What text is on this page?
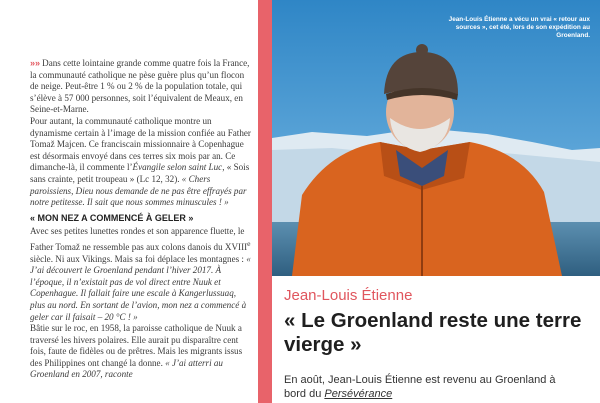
»» Dans cette lointaine grande comme quatre fois la France, la communauté catholique ne pèse guère plus qu’un flocon de neige. Peut-être 1 % ou 2 % de la population totale, qui s’élève à 57 000 personnes, soit l’équivalent de Meaux, en Seine-et-Marne.

Pour autant, la communauté catholique montre un dynamisme certain à l’image de la mission confiée au Father Tomaž Majcen. Ce franciscain missionnaire à Copenhague est désormais envoyé dans ces terres six mois par an. Ce dimanche-là, il commente l’Évangile selon saint Luc, « Sois sans crainte, petit troupeau » (Lc 12, 32). « Chers paroissiens, Dieu nous demande de ne pas être effrayés par notre petitesse. Il sait que nous sommes minuscules ! »

« MON NEZ A COMMENCÉ À GELER »

Avec ses petites lunettes rondes et son apparence fluette, le Father Tomaž ne ressemble pas aux colons danois du XVIIIe siècle. Ni aux Vikings. Mais sa foi déplace les montagnes : « J’ai découvert le Groenland pendant l’hiver 2017. À l’époque, il n’existait pas de vol direct entre Nuuk et Copenhague. Il fallait faire une escale à Kangerlussuaq, plus au nord. En sortant de l’avion, mon nez a commencé à geler car il faisait – 20 °C ! »

Bâtie sur le roc, en 1958, la paroisse catholique de Nuuk a traversé les hivers polaires. Elle aurait pu disparaître cent fois, faute de fidèles ou de prêtres. Mais les migrants issus des Philippines ont changé la donne. « J’ai atterri au Groenland en 2007, raconte

Jean-Louis Étienne a vécu un vrai « retour aux sources », cet été, lors de son expédition au Groenland.
Jean-Louis Étienne
« Le Groenland reste une terre vierge »

En août, Jean-Louis Étienne est revenu au Groenland à bord du Persévérance
